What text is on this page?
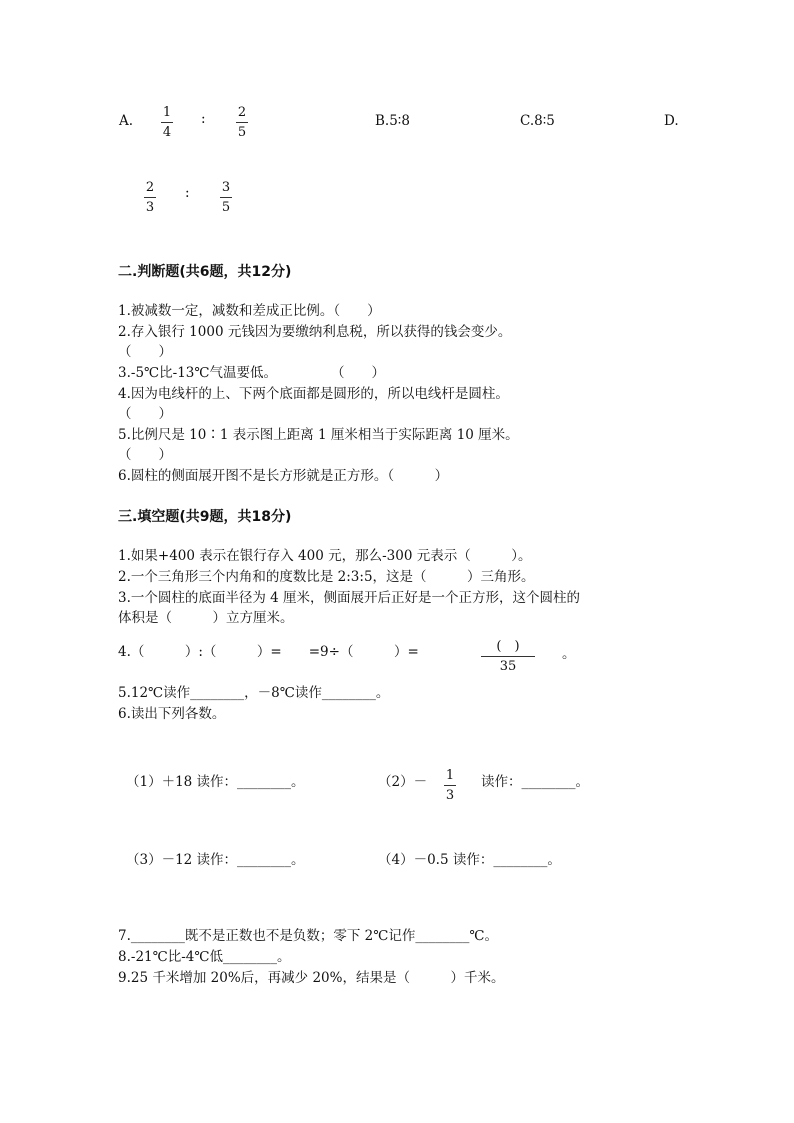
A.
1
4
: 2
5
B.5∶8	C.8∶5	D.
2
3
: 3
5
二.判断题(共6题，共12分)
1.被减数一定，减数和差成正比例。（　　）
2.存入银行 1000 元钱因为要缴纳利息税，所以获得的钱会变少。
（　　）
3.-5℃比-13℃气温要低。　　　　　（　　）
4.因为电线杆的上、下两个底面都是圆形的，所以电线杆是圆柱。
（　　）
5.比例尺是 10∶1 表示图上距离 1 厘米相当于实际距离 10 厘米。
（　　）
6.圆柱的侧面展开图不是长方形就是正方形。（　　　）
三.填空题(共9题，共18分)
1.如果+400 表示在银行存入 400 元，那么-300 元表示（　　　）。
2.一个三角形三个内角和的度数比是 2:3:5，这是（　　　）三角形。
3.一个圆柱的底面半径为 4 厘米，侧面展开后正好是一个正方形，这个圆柱的
体积是（　　　）立方厘米。
4.（　　　）:（　　　）=　　=9÷（　　　）=	(　)
35
。
5.12℃读作________，－8℃读作________。
6.读出下列各数。
（1）＋18 读作：________。	（2）－ 1
3
读作：________。
（3）－12 读作：________。	（4）－0.5 读作：________。
7.________既不是正数也不是负数；零下 2℃记作________℃。
8.-21℃比-4℃低________。
9.25 千米增加 20%后，再减少 20%，结果是（　　　）千米。
